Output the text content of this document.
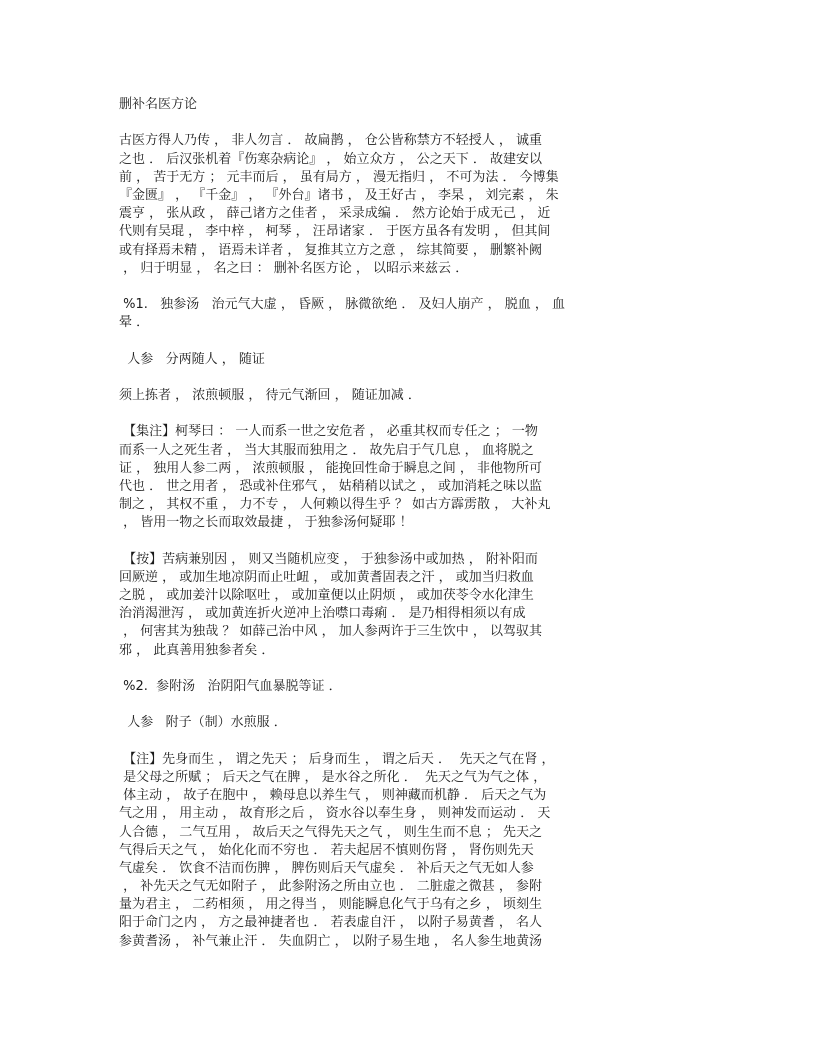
删补名医方论
古医方得人乃传 ， 非人勿言 ． 故扁鹊 ， 仓公皆称禁方不轻授人 ， 诚重
之也 ． 后汉张机着『伤寒杂病论』 ， 始立众方 ， 公之天下 ． 故建安以
前 ， 苦于无方 ； 元丰而后 ， 虽有局方 ， 漫无指归 ， 不可为法 ． 今博集
『金匮』 ， 『千金』 ， 『外台』诸书 ， 及王好古 ， 李杲 ， 刘完素 ， 朱
震亨 ， 张从政 ， 薛己诸方之佳者 ， 采录成编 ． 然方论始于成无己 ， 近
代则有吴琨 ， 李中梓 ， 柯琴 ， 汪昂诸家 ． 于医方虽各有发明 ， 但其间
或有择焉未精 ， 语焉未详者 ， 复推其立方之意 ， 综其简要 ， 删繁补阙
， 归于明显 ， 名之曰 ： 删补名医方论 ， 以昭示来兹云 ．
%1.   独参汤   治元气大虚 ， 昏厥 ， 脉微欲绝 ． 及妇人崩产 ， 脱血 ， 血
晕 ．
人参   分两随人 ， 随证
须上拣者 ， 浓煎顿服 ， 待元气渐回 ， 随证加减 ．
【集注】柯琴曰 ： 一人而系一世之安危者 ， 必重其权而专任之 ； 一物
而系一人之死生者 ， 当大其服而独用之 ． 故先启于气几息 ， 血将脱之
证 ， 独用人参二两 ， 浓煎顿服 ， 能挽回性命于瞬息之间 ， 非他物所可
代也 ． 世之用者 ， 恐或补住邪气 ， 姑稍稍以试之 ， 或加消耗之味以监
制之 ， 其权不重 ， 力不专 ， 人何赖以得生乎 ？ 如古方霹雳散 ， 大补丸
， 皆用一物之长而取效最捷 ， 于独参汤何疑耶 ！
【按】苦病兼别因 ， 则又当随机应变 ， 于独参汤中或加热 ， 附补阳而
回厥逆 ， 或加生地凉阴而止吐衄 ， 或加黄耆固表之汗 ， 或加当归救血
之脱 ， 或加姜汁以除呕吐 ， 或加童便以止阴烦 ， 或加茯苓令水化津生
治消渴泄泻 ， 或加黄连折火逆冲上治噤口毒痢 ． 是乃相得相须以有成
， 何害其为独哉 ？ 如薛己治中风 ， 加人参两许于三生饮中 ， 以驾驭其
邪 ， 此真善用独参者矣 ．
%2.  参附汤   治阴阳气血暴脱等证 ．
人参   附子（制）水煎服 ．
【注】先身而生 ， 谓之先天 ； 后身而生 ， 谓之后天 ．  先天之气在肾 ，
是父母之所赋 ； 后天之气在脾 ， 是水谷之所化 ．  先天之气为气之体 ，
体主动 ， 故子在胞中 ， 赖母息以养生气 ， 则神藏而机静 ． 后天之气为
气之用 ， 用主动 ， 故育形之后 ， 资水谷以奉生身 ， 则神发而运动 ． 天
人合德 ， 二气互用 ， 故后天之气得先天之气 ， 则生生而不息 ； 先天之
气得后天之气 ， 始化化而不穷也 ． 若夫起居不慎则伤肾 ， 肾伤则先天
气虚矣 ． 饮食不洁而伤脾 ， 脾伤则后天气虚矣 ． 补后天之气无如人参
， 补先天之气无如附子 ， 此参附汤之所由立也 ． 二脏虚之微甚 ， 参附
量为君主 ， 二药相须 ， 用之得当 ， 则能瞬息化气于乌有之乡 ， 顷刻生
阳于命门之内 ， 方之最神捷者也 ． 若表虚自汗 ， 以附子易黄耆 ， 名人
参黄耆汤 ， 补气兼止汗 ． 失血阴亡 ， 以附子易生地 ， 名人参生地黄汤
